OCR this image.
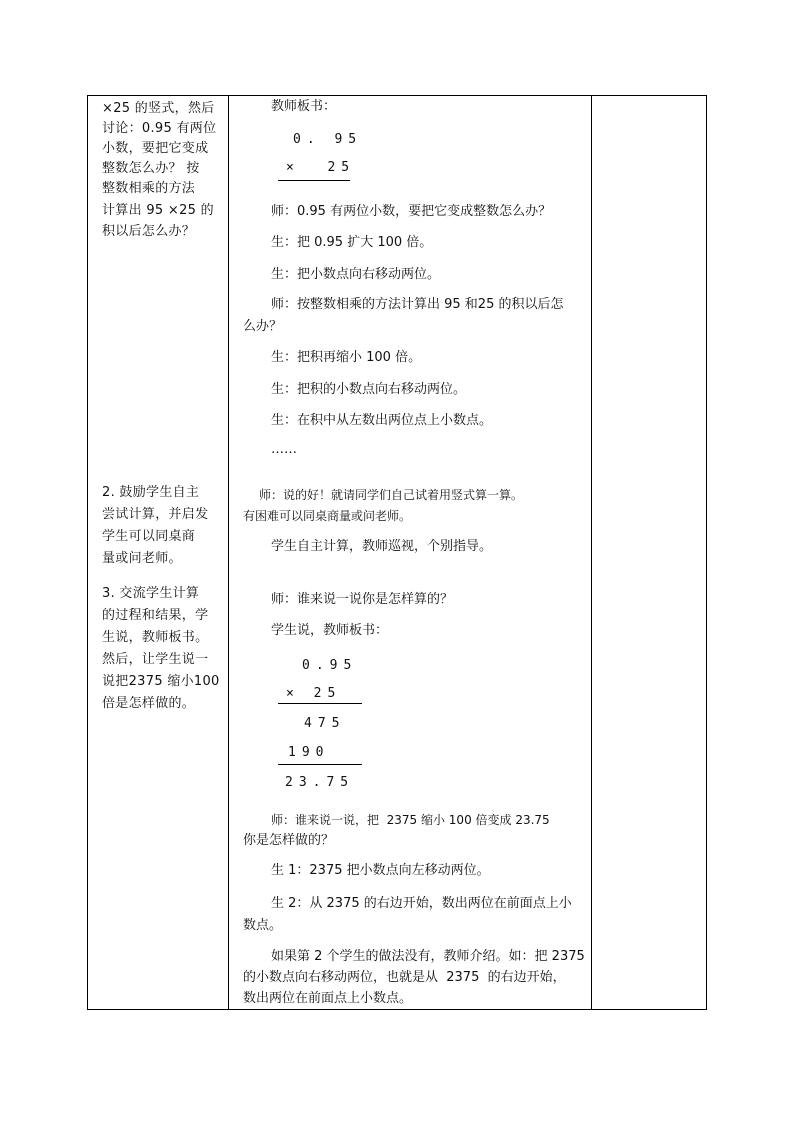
×25 的竖式，然后
讨论：0.95 有两位
小数，要把它变成
整数怎么办？ 按
整数相乘的方法
计算出 95 ×25 的
积以后怎么办？
2. 鼓励学生自主
尝试计算，并启发
学生可以同桌商
量或问老师。
3. 交流学生计算
的过程和结果，学
生说，教师板书。
然后，让学生说一
说把2375 缩小100
倍是怎样做的。
教师板书：
0. 95
×  25
师：0.95 有两位小数，要把它变成整数怎么办？
生：把 0.95 扩大 100 倍。
生：把小数点向右移动两位。
师：按整数相乘的方法计算出 95 和25 的积以后怎
么办？
生：把积再缩小 100 倍。
生：把积的小数点向右移动两位。
生：在积中从左数出两位点上小数点。
……
师：说的好！就请同学们自己试着用竖式算一算。
有困难可以同桌商量或问老师。
学生自主计算，教师巡视，个别指导。
师：谁来说一说你是怎样算的？
学生说，教师板书：
0.95
× 25
475
190
23.75
师：谁来说一说，把  2375 缩小 100 倍变成 23.75
你是怎样做的？
生 1：2375 把小数点向左移动两位。
生 2：从 2375 的右边开始，数出两位在前面点上小
数点。
如果第 2 个学生的做法没有，教师介绍。如：把 2375
的小数点向右移动两位，也就是从  2375  的右边开始，
数出两位在前面点上小数点。
